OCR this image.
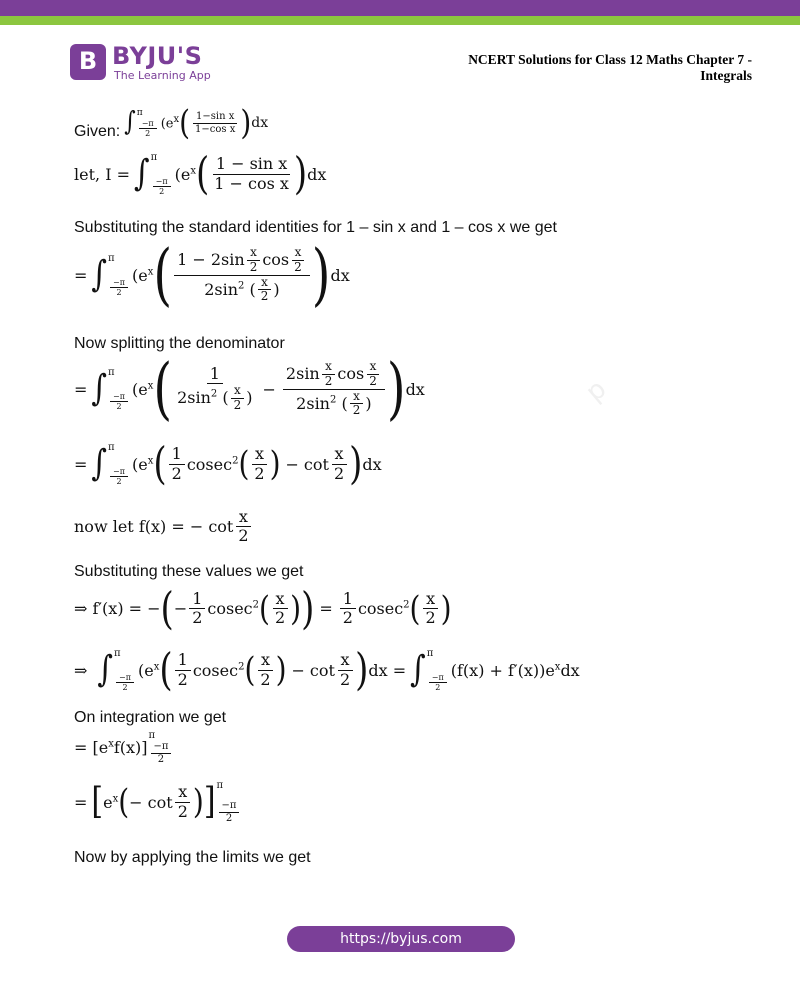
B BYJU'S
The Learning App
NCERT Solutions for Class 12 Maths Chapter 7 -
Integrals
p
Given: ∫ π
$\frac{-\pi}{2} (e^x$ ( $\frac{\text{1−sin x}}{\text{1−cos x}}$ ) dx
let, I = ∫ π
$\frac{-\pi}{2}$
($e^x$ ( $\frac{\text{1 − sin x}}{\text{1 − cos x}}$ ) dx
Substituting the standard identities for 1 – sin x and 1 – cos x we get
= ∫ π
$\frac{-\pi}{2}$
($e^x$ ( $\frac{1 - 2\sin \frac{x}{2} \cos \frac{x}{2}}{2\sin^2 ( \frac{x}{2} )}$ ) dx
Now splitting the denominator
= ∫ π
$\frac{-\pi}{2}$
($e^x$ ( $\frac{1}{2\sin^2 ( \frac{x}{2} )} - \frac{2\sin \frac{x}{2} \cos \frac{x}{2}}{2\sin^2 ( \frac{x}{2} )}$ ) dx
= ∫ π
$\frac{-\pi}{2}$
($e^x$ ( $\frac{1}{2} cosec^2$ ( $\frac{x}{2}$ ) − $\cot \frac{x}{2}$ ) dx
now let f(x) = − $\cot \frac{x}{2}$
Substituting these values we get
⇒ f′(x) = − ( − $\frac{1}{2} cosec^2$ ( $\frac{x}{2}$ ) ) = $\frac{1}{2} cosec^2$ ( $\frac{x}{2}$ )
⇒ ∫ π
$\frac{-\pi}{2}$
($e^x$ ( $\frac{1}{2} cosec^2$ ( $\frac{x}{2}$ ) − $\cot \frac{x}{2}$ ) dx = ∫ π
$\frac{-\pi}{2}$
$(f(x) + f'(x))e^xdx$
On integration we get
= $[e^xf(x)]$
π
$\frac{-\pi}{2}$
= [ $e^x$ ( − $\cot \frac{x}{2}$ ) ] π
$\frac{-\pi}{2}$
Now by applying the limits we get
https://byjus.com
